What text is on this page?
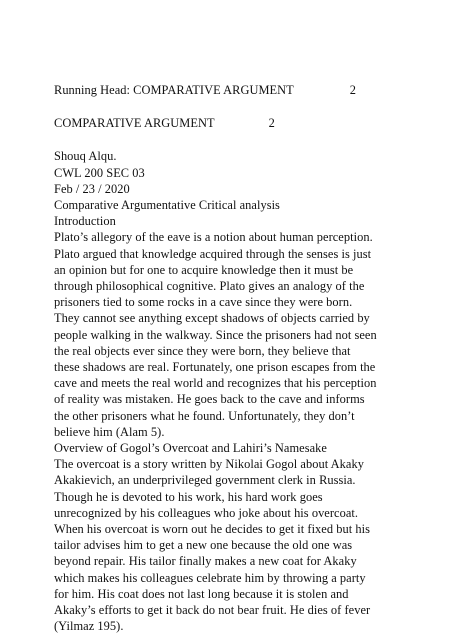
Running Head: COMPARATIVE ARGUMENT	2
COMPARATIVE ARGUMENT	2
Shouq Alqu.
CWL 200 SEC 03
Feb / 23 / 2020
Comparative Argumentative Critical analysis
Introduction
Plato’s allegory of the eave is a notion about human perception.
Plato argued that knowledge acquired through the senses is just
an opinion but for one to acquire knowledge then it must be
through philosophical cognitive. Plato gives an analogy of the
prisoners tied to some rocks in a cave since they were born.
They cannot see anything except shadows of objects carried by
people walking in the walkway. Since the prisoners had not seen
the real objects ever since they were born, they believe that
these shadows are real. Fortunately, one prison escapes from the
cave and meets the real world and recognizes that his perception
of reality was mistaken. He goes back to the cave and informs
the other prisoners what he found. Unfortunately, they don’t
believe him (Alam 5).
Overview of Gogol’s Overcoat and Lahiri’s Namesake
The overcoat is a story written by Nikolai Gogol about Akaky
Akakievich, an underprivileged government clerk in Russia.
Though he is devoted to his work, his hard work goes
unrecognized by his colleagues who joke about his overcoat.
When his overcoat is worn out he decides to get it fixed but his
tailor advises him to get a new one because the old one was
beyond repair. His tailor finally makes a new coat for Akaky
which makes his colleagues celebrate him by throwing a party
for him. His coat does not last long because it is stolen and
Akaky’s efforts to get it back do not bear fruit. He dies of fever
(Yilmaz 195).
